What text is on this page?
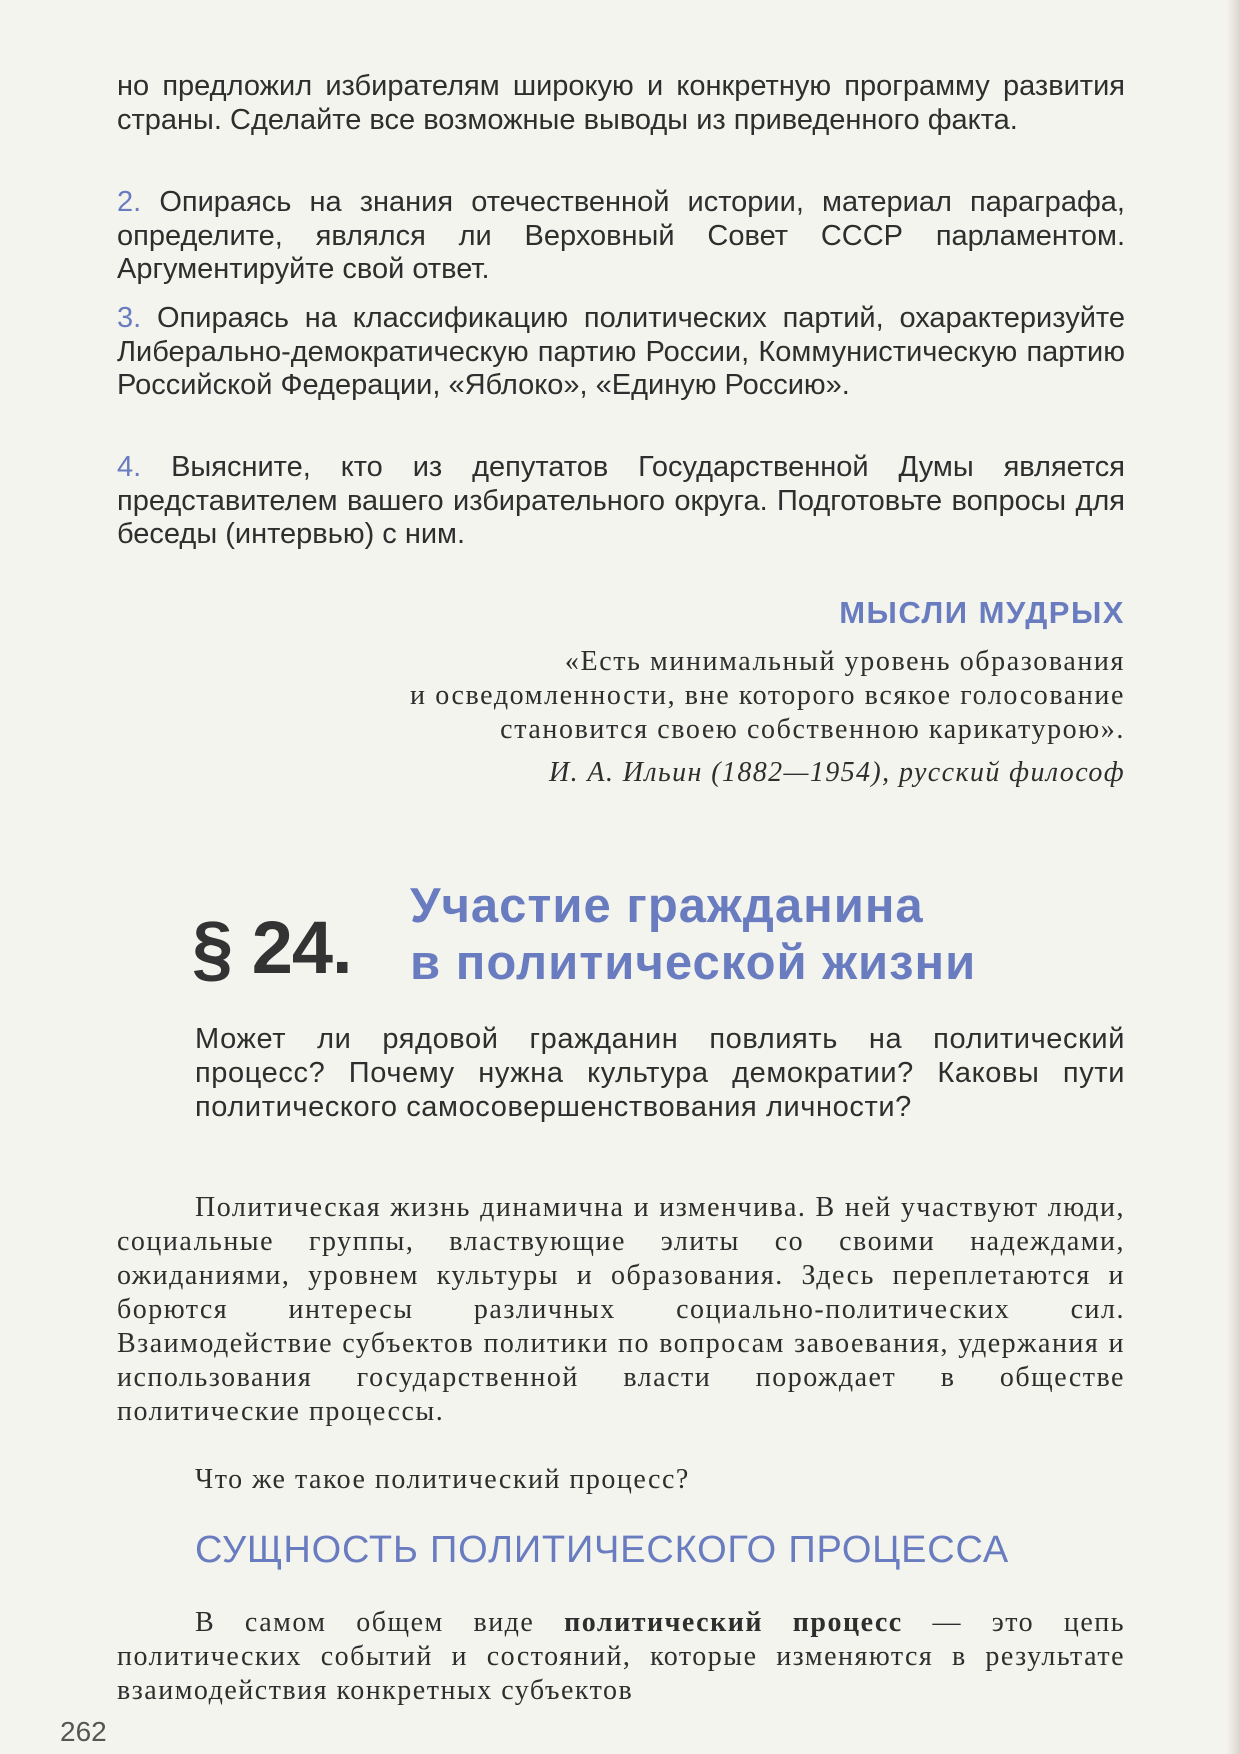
но предложил избирателям широкую и конкретную программу развития страны. Сделайте все возможные выводы из приведенного факта.

2. Опираясь на знания отечественной истории, материал параграфа, определите, являлся ли Верховный Совет СССР парламентом. Аргументируйте свой ответ.

3. Опираясь на классификацию политических партий, охарактеризуйте Либерально-демократическую партию России, Коммунистическую партию Российской Федерации, «Яблоко», «Единую Россию».

4. Выясните, кто из депутатов Государственной Думы является представителем вашего избирательного округа. Подготовьте вопросы для беседы (интервью) с ним.

МЫСЛИ МУДРЫХ
«Есть минимальный уровень образования
и осведомленности, вне которого всякое голосование
становится своею собственною карикатурою».
И. А. Ильин (1882—1954), русский философ
§ 24. Участие гражданина
в политической жизни

Может ли рядовой гражданин повлиять на политический процесс? Почему нужна культура демократии? Каковы пути политического самосовершенствования личности?

Политическая жизнь динамична и изменчива. В ней участвуют люди, социальные группы, властвующие элиты со своими надеждами, ожиданиями, уровнем культуры и образования. Здесь переплетаются и борются интересы различных социально-политических сил. Взаимодействие субъектов политики по вопросам завоевания, удержания и использования государственной власти порождает в обществе политические процессы.

Что же такое политический процесс?

СУЩНОСТЬ ПОЛИТИЧЕСКОГО ПРОЦЕССА

В самом общем виде политический процесс — это цепь политических событий и состояний, которые изменяются в результате взаимодействия конкретных субъектов

262
